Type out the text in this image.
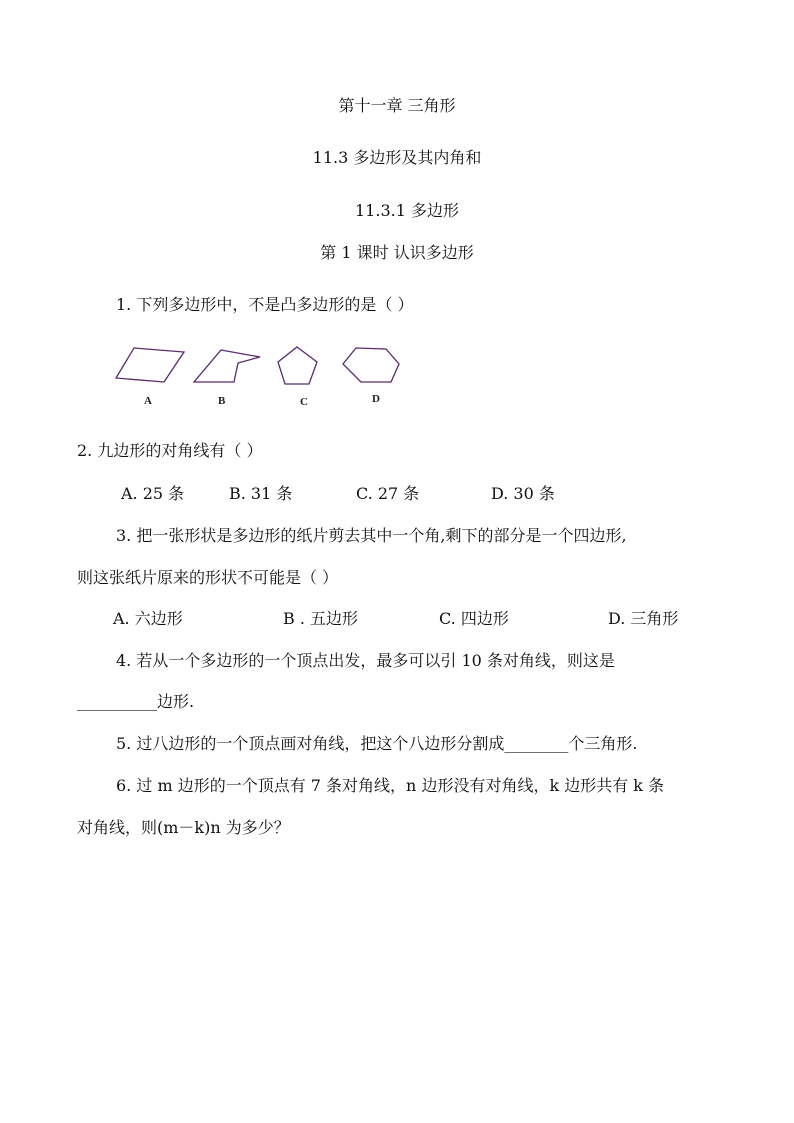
第十一章 三角形
11.3 多边形及其内角和
11.3.1 多边形
第 1 课时 认识多边形
1. 下列多边形中，不是凸多边形的是（ ）
A	B	C	D
2. 九边形的对角线有（ ）
A. 25 条	B. 31 条	C. 27 条	D. 30 条
3. 把一张形状是多边形的纸片剪去其中一个角,剩下的部分是一个四边形,
则这张纸片原来的形状不可能是（ ）
A. 六边形	B . 五边形	C. 四边形	D. 三角形
4. 若从一个多边形的一个顶点出发，最多可以引 10 条对角线，则这是
__________边形.
5. 过八边形的一个顶点画对角线，把这个八边形分割成________个三角形.
6. 过 m 边形的一个顶点有 7 条对角线，n 边形没有对角线，k 边形共有 k 条
对角线，则(m－k)n 为多少？
